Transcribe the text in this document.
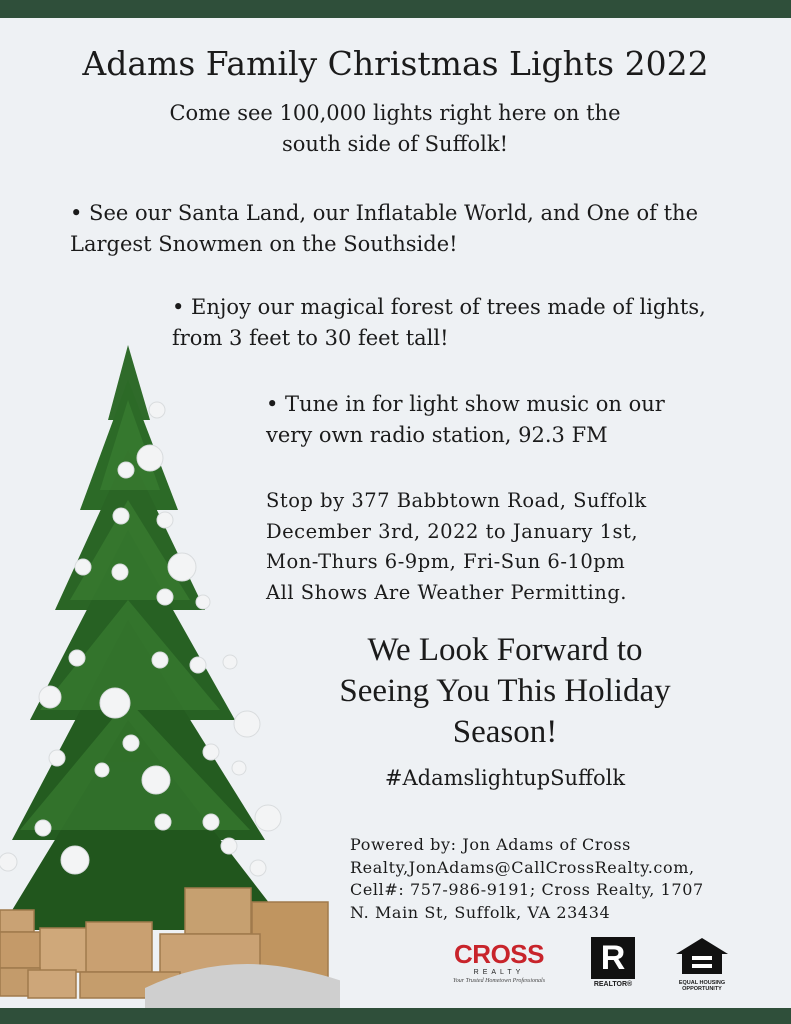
Adams Family Christmas Lights 2022
Come see 100,000 lights right here on the
south side of Suffolk!
• See our Santa Land, our Inflatable World, and One of the
Largest Snowmen on the Southside!
• Enjoy our magical forest of trees made of lights,
from 3 feet to 30 feet tall!
• Tune in for light show music on our
very own radio station, 92.3 FM
Stop by 377 Babbtown Road, Suffolk
December 3rd, 2022 to January 1st,
Mon-Thurs 6-9pm, Fri-Sun 6-10pm
All Shows Are Weather Permitting.
We Look Forward to
Seeing You This Holiday
Season!
#AdamslightupSuffolk
Powered by: Jon Adams of Cross
Realty,JonAdams@CallCrossRealty.com,
Cell#: 757-986-9191; Cross Realty, 1707
N. Main St, Suffolk, VA 23434
CROSS
REALTY
Your Trusted Hometown Professionals
R
REALTOR®	EQUAL HOUSING
OPPORTUNITY
